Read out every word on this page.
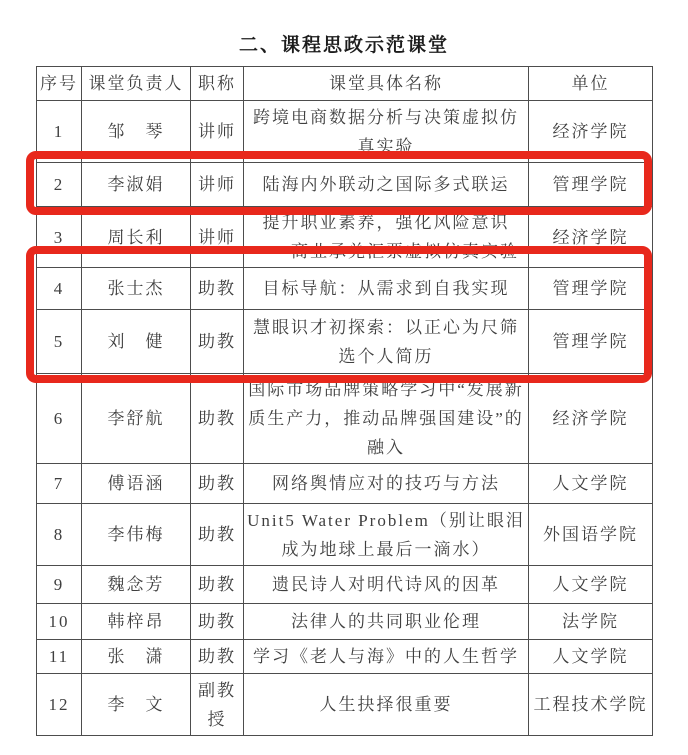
二、课程思政示范课堂
序号	课堂负责人	职称	课堂具体名称	单位
1	邹　琴	讲师	跨境电商数据分析与决策虚拟仿真实验	经济学院
2	李淑娟	讲师	陆海内外联动之国际多式联运	管理学院
3	周长利	讲师	提升职业素养，强化风险意识——商业承兑汇票虚拟仿真实验	经济学院
4	张士杰	助教	目标导航：从需求到自我实现	管理学院
5	刘　健	助教	慧眼识才初探索：以正心为尺筛选个人简历	管理学院
6	李舒航	助教	国际市场品牌策略学习中“发展新质生产力，推动品牌强国建设”的融入	经济学院
7	傅语涵	助教	网络舆情应对的技巧与方法	人文学院
8	李伟梅	助教	Unit5 Water Problem（别让眼泪成为地球上最后一滴水）	外国语学院
9	魏念芳	助教	遗民诗人对明代诗风的因革	人文学院
10	韩梓昂	助教	法律人的共同职业伦理	法学院
11	张　潇	助教	学习《老人与海》中的人生哲学	人文学院
12	李　文	副教授	人生抉择很重要	工程技术学院
